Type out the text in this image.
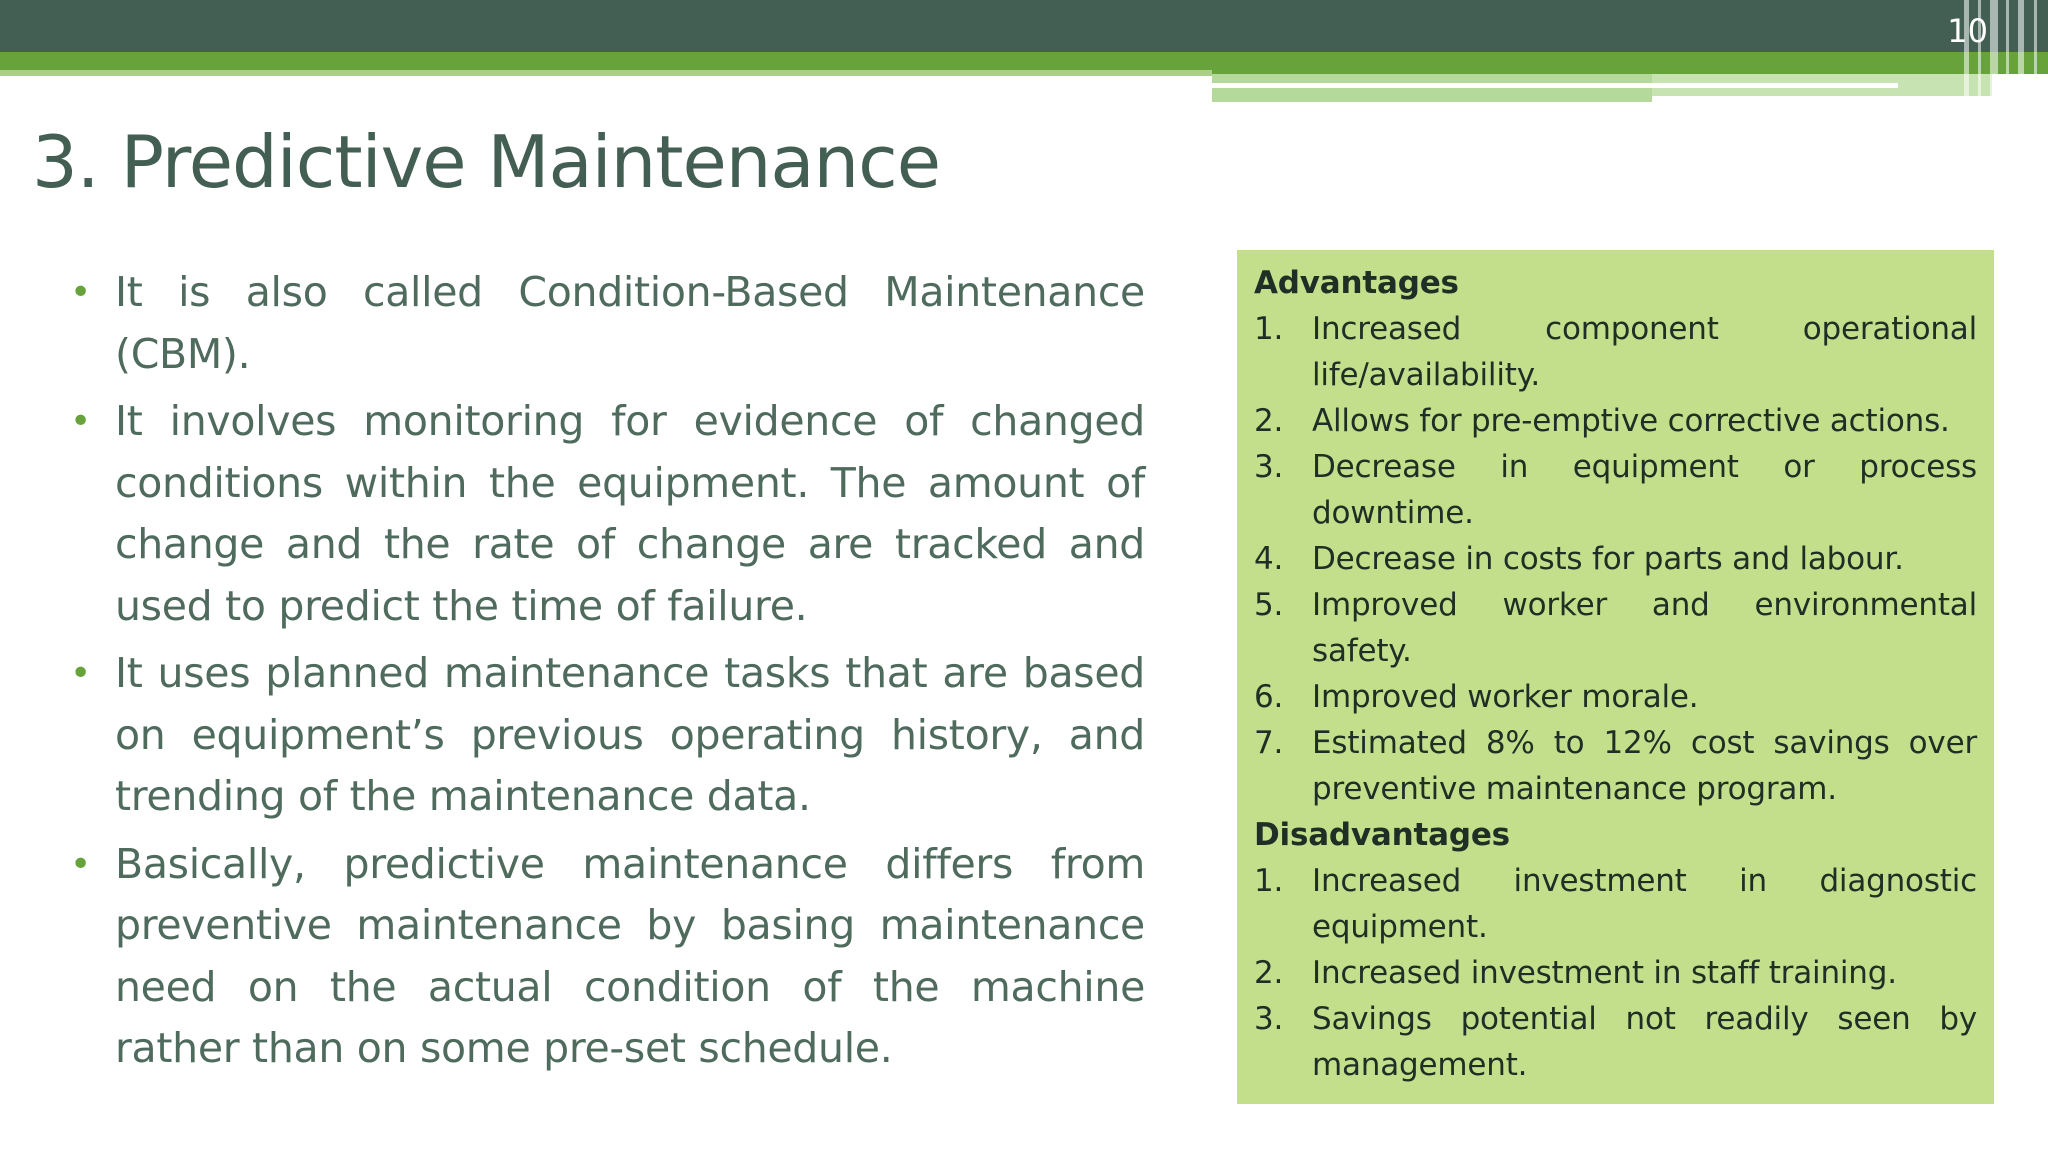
10
3. Predictive Maintenance
• It is also called Condition-Based Maintenance (CBM).
• It involves monitoring for evidence of changed conditions within the equipment. The amount of change and the rate of change are tracked and used to predict the time of failure.
• It uses planned maintenance tasks that are based on equipment’s previous operating history, and trending of the maintenance data.
• Basically, predictive maintenance differs from preventive maintenance by basing maintenance need on the actual condition of the machine rather than on some pre-set schedule.
Advantages
1. Increased component operational life/availability.
2. Allows for pre-emptive corrective actions.
3. Decrease in equipment or process downtime.
4. Decrease in costs for parts and labour.
5. Improved worker and environmental safety.
6. Improved worker morale.
7. Estimated 8% to 12% cost savings over preventive maintenance program.
Disadvantages
1. Increased investment in diagnostic equipment.
2. Increased investment in staff training.
3. Savings potential not readily seen by management.
